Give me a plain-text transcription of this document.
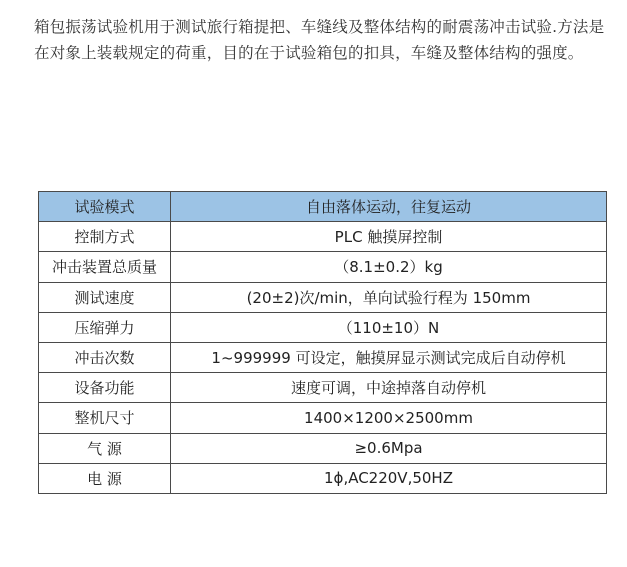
箱包振荡试验机用于测试旅行箱提把、车缝线及整体结构的耐震荡冲击试验.方法是在对象上装载规定的荷重，目的在于试验箱包的扣具，车缝及整体结构的强度。

试验模式	自由落体运动，往复运动
控制方式	PLC 触摸屏控制
冲击装置总质量	（8.1±0.2）kg
测试速度	(20±2)次/min，单向试验行程为 150mm
压缩弹力	（110±10）N
冲击次数	1~999999 可设定，触摸屏显示测试完成后自动停机
设备功能	速度可调，中途掉落自动停机
整机尺寸	1400×1200×2500mm
气 源	≥0.6Mpa
电 源	1ϕ,AC220V,50HZ
